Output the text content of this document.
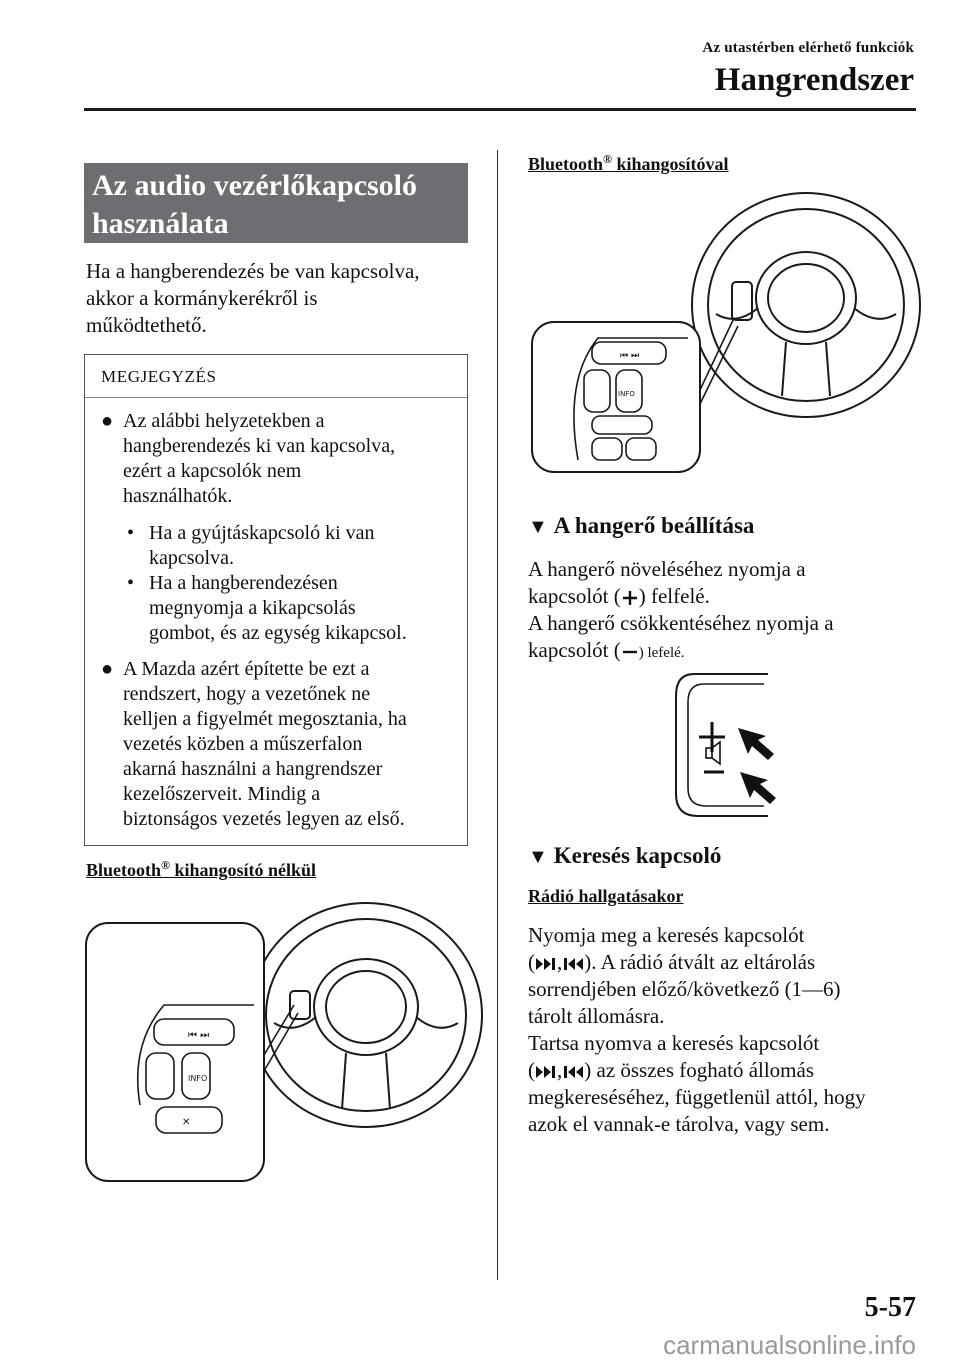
Az utastérben elérhető funkciók
Hangrendszer
Az audio vezérlőkapcsoló
használata
Ha a hangberendezés be van kapcsolva,
akkor a kormánykerékről is
működtethető.
MEGJEGYZÉS
● Az alábbi helyzetekben a
hangberendezés ki van kapcsolva,
ezért a kapcsolók nem
használhatók.
• Ha a gyújtáskapcsoló ki van
kapcsolva.
• Ha a hangberendezésen
megnyomja a kikapcsolás
gombot, és az egység kikapcsol.
● A Mazda azért építette be ezt a
rendszert, hogy a vezetőnek ne
kelljen a figyelmét megosztania, ha
vezetés közben a műszerfalon
akarná használni a hangrendszer
kezelőszerveit. Mindig a
biztonságos vezetés legyen az első.
Bluetooth® kihangosító nélkül
⏮ ⏭
INFO
✕
Bluetooth® kihangosítóval
⏮ ⏭
INFO
▼ A hangerő beállítása
A hangerő növeléséhez nyomja a
kapcsolót ( ) felfelé.
A hangerő csökkentéséhez nyomja a
kapcsolót ( ) lefelé.
▼ Keresés kapcsoló
Rádió hallgatásakor
Nyomja meg a keresés kapcsolót
( , ). A rádió átvált az eltárolás
sorrendjében előző/következő (1―6)
tárolt állomásra.
Tartsa nyomva a keresés kapcsolót
( , ) az összes fogható állomás
megkereséséhez, függetlenül attól, hogy
azok el vannak-e tárolva, vagy sem.
5-57
carmanualsonline.info
